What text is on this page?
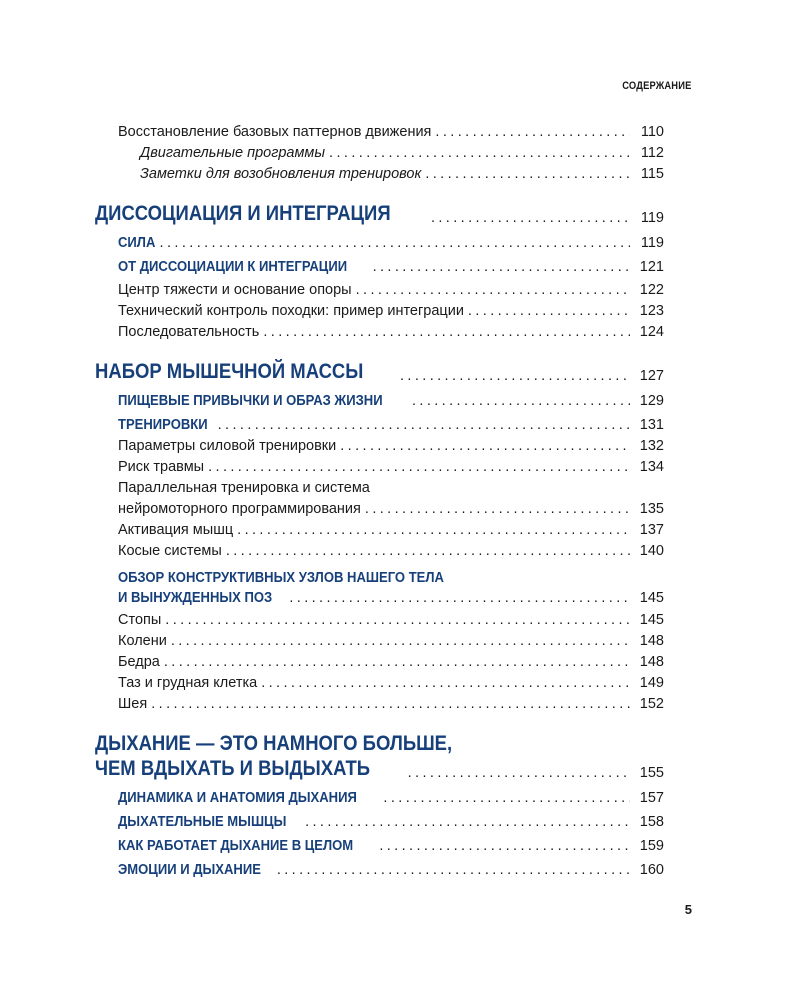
СОДЕРЖАНИЕ
Восстановление базовых паттернов движения .....	110
Двигательные программы .....	112
Заметки для возобновления тренировок .....	115
ДИССОЦИАЦИЯ И ИНТЕГРАЦИЯ .....	119
СИЛА .....	119
ОТ ДИССОЦИАЦИИ К ИНТЕГРАЦИИ .....	121
Центр тяжести и основание опоры .....	122
Технический контроль походки: пример интеграции .....	123
Последовательность .....	124
НАБОР МЫШЕЧНОЙ МАССЫ .....	127
ПИЩЕВЫЕ ПРИВЫЧКИ И ОБРАЗ ЖИЗНИ .....	129
ТРЕНИРОВКИ .....	131
Параметры силовой тренировки .....	132
Риск травмы .....	134
Параллельная тренировка и система
нейромоторного программирования .....	135
Активация мышц .....	137
Косые системы .....	140
ОБЗОР КОНСТРУКТИВНЫХ УЗЛОВ НАШЕГО ТЕЛА
И ВЫНУЖДЕННЫХ ПОЗ .....	145
Стопы .....	145
Колени .....	148
Бедра .....	148
Таз и грудная клетка .....	149
Шея .....	152
ДЫХАНИЕ — ЭТО НАМНОГО БОЛЬШЕ,
ЧЕМ ВДЫХАТЬ И ВЫДЫХАТЬ .....	155
ДИНАМИКА И АНАТОМИЯ ДЫХАНИЯ .....	157
ДЫХАТЕЛЬНЫЕ МЫШЦЫ .....	158
КАК РАБОТАЕТ ДЫХАНИЕ В ЦЕЛОМ .....	159
ЭМОЦИИ И ДЫХАНИЕ .....	160
5
